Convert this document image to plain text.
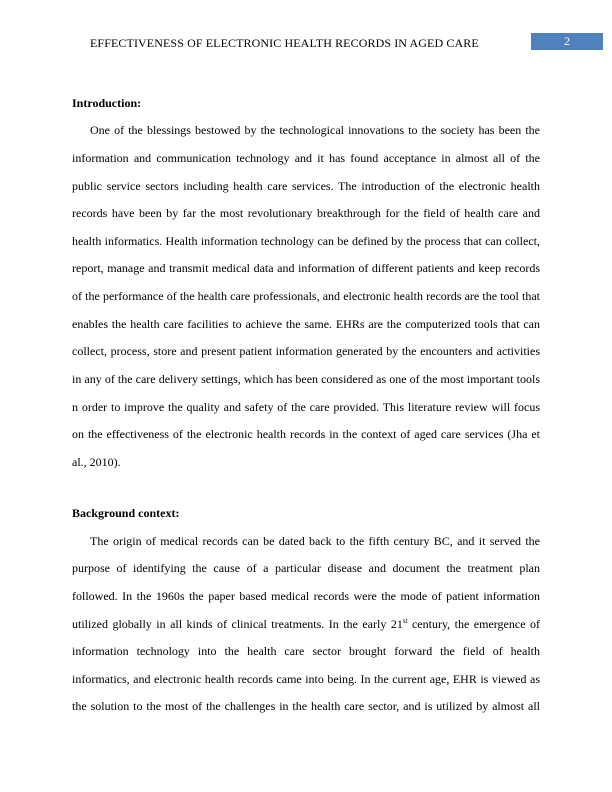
EFFECTIVENESS OF ELECTRONIC HEALTH RECORDS IN AGED CARE	2
Introduction:
One of the blessings bestowed by the technological innovations to the society has been the
information and communication technology and it has found acceptance in almost all of the
public service sectors including health care services. The introduction of the electronic health
records have been by far the most revolutionary breakthrough for the field of health care and
health informatics. Health information technology can be defined by the process that can collect,
report, manage and transmit medical data and information of different patients and keep records
of the performance of the health care professionals, and electronic health records are the tool that
enables the health care facilities to achieve the same. EHRs are the computerized tools that can
collect, process, store and present patient information generated by the encounters and activities
in any of the care delivery settings, which has been considered as one of the most important tools
n order to improve the quality and safety of the care provided. This literature review will focus
on the effectiveness of the electronic health records in the context of aged care services (Jha et
al., 2010).
Background context:
The origin of medical records can be dated back to the fifth century BC, and it served the
purpose of identifying the cause of a particular disease and document the treatment plan
followed. In the 1960s the paper based medical records were the mode of patient information
utilized globally in all kinds of clinical treatments. In the early 21st century, the emergence of
information technology into the health care sector brought forward the field of health
informatics, and electronic health records came into being. In the current age, EHR is viewed as
the solution to the most of the challenges in the health care sector, and is utilized by almost all
